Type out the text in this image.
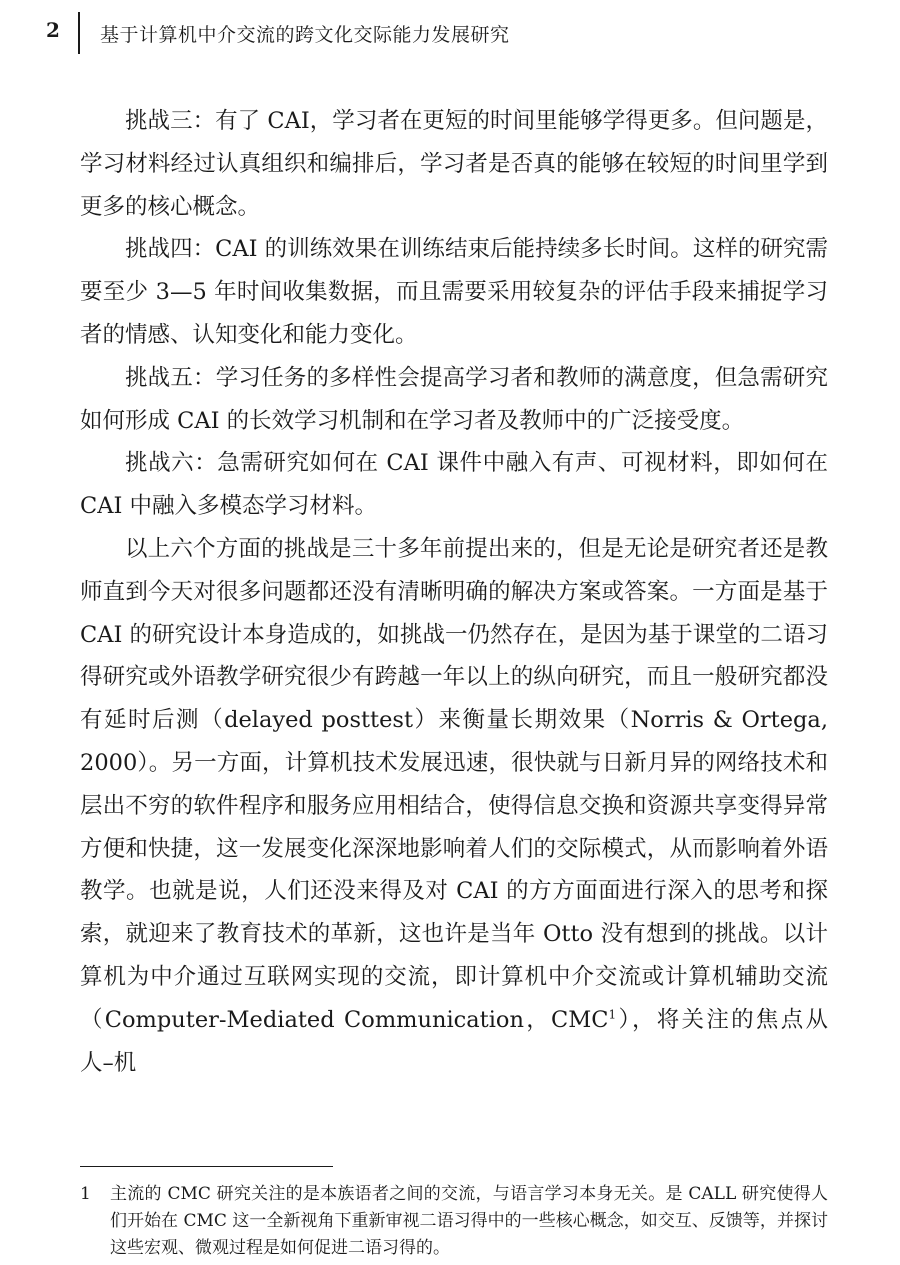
2 基于计算机中介交流的跨文化交际能力发展研究

挑战三：有了 CAI，学习者在更短的时间里能够学得更多。但问题是，学习材料经过认真组织和编排后，学习者是否真的能够在较短的时间里学到更多的核心概念。

挑战四：CAI 的训练效果在训练结束后能持续多长时间。这样的研究需要至少 3—5 年时间收集数据，而且需要采用较复杂的评估手段来捕捉学习者的情感、认知变化和能力变化。

挑战五：学习任务的多样性会提高学习者和教师的满意度，但急需研究如何形成 CAI 的长效学习机制和在学习者及教师中的广泛接受度。

挑战六：急需研究如何在 CAI 课件中融入有声、可视材料，即如何在 CAI 中融入多模态学习材料。

以上六个方面的挑战是三十多年前提出来的，但是无论是研究者还是教师直到今天对很多问题都还没有清晰明确的解决方案或答案。一方面是基于 CAI 的研究设计本身造成的，如挑战一仍然存在，是因为基于课堂的二语习得研究或外语教学研究很少有跨越一年以上的纵向研究，而且一般研究都没有延时后测（delayed posttest）来衡量长期效果（Norris & Ortega, 2000）。另一方面，计算机技术发展迅速，很快就与日新月异的网络技术和层出不穷的软件程序和服务应用相结合，使得信息交换和资源共享变得异常方便和快捷，这一发展变化深深地影响着人们的交际模式，从而影响着外语教学。也就是说，人们还没来得及对 CAI 的方方面面进行深入的思考和探索，就迎来了教育技术的革新，这也许是当年 Otto 没有想到的挑战。以计算机为中介通过互联网实现的交流，即计算机中介交流或计算机辅助交流（Computer-Mediated Communication，CMC$^1$），将关注的焦点从人–机

1 主流的 CMC 研究关注的是本族语者之间的交流，与语言学习本身无关。是 CALL 研究使得人们开始在 CMC 这一全新视角下重新审视二语习得中的一些核心概念，如交互、反馈等，并探讨这些宏观、微观过程是如何促进二语习得的。
